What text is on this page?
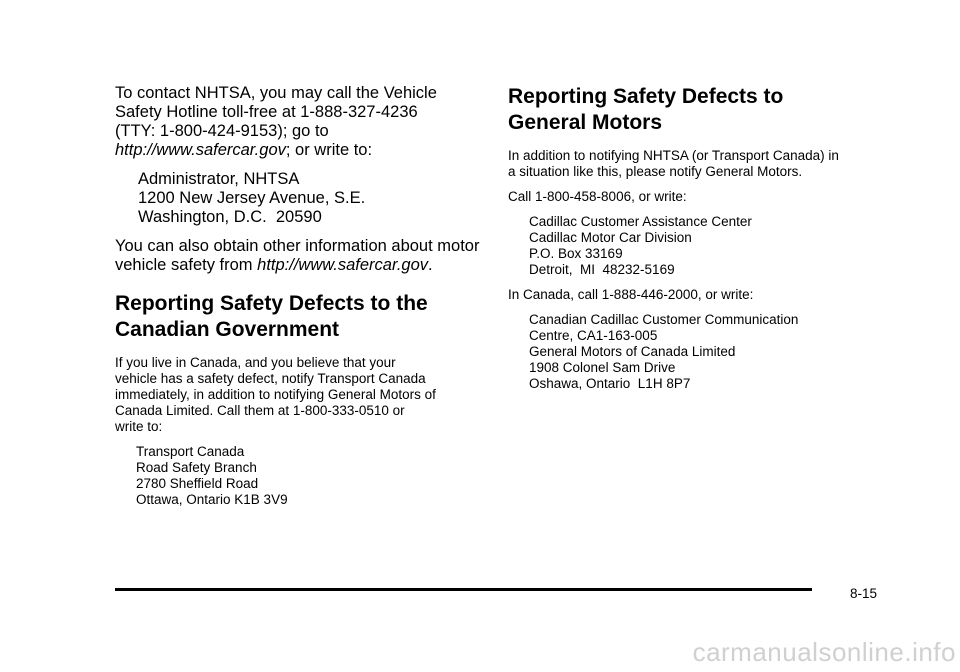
To contact NHTSA, you may call the Vehicle
Safety Hotline toll-free at 1-888-327-4236
(TTY: 1-800-424-9153); go to
http://www.safercar.gov; or write to:

Administrator, NHTSA
1200 New Jersey Avenue, S.E.
Washington, D.C.  20590

You can also obtain other information about motor
vehicle safety from http://www.safercar.gov.

Reporting Safety Defects to the
Canadian Government

If you live in Canada, and you believe that your
vehicle has a safety defect, notify Transport Canada
immediately, in addition to notifying General Motors of
Canada Limited. Call them at 1-800-333-0510 or
write to:

Transport Canada
Road Safety Branch
2780 Sheffield Road
Ottawa, Ontario K1B 3V9
Reporting Safety Defects to
General Motors

In addition to notifying NHTSA (or Transport Canada) in
a situation like this, please notify General Motors.

Call 1-800-458-8006, or write:

Cadillac Customer Assistance Center
Cadillac Motor Car Division
P.O. Box 33169
Detroit,  MI  48232-5169

In Canada, call 1-888-446-2000, or write:

Canadian Cadillac Customer Communication
Centre, CA1-163-005
General Motors of Canada Limited
1908 Colonel Sam Drive
Oshawa, Ontario  L1H 8P7
8-15
carmanualsonline.info
